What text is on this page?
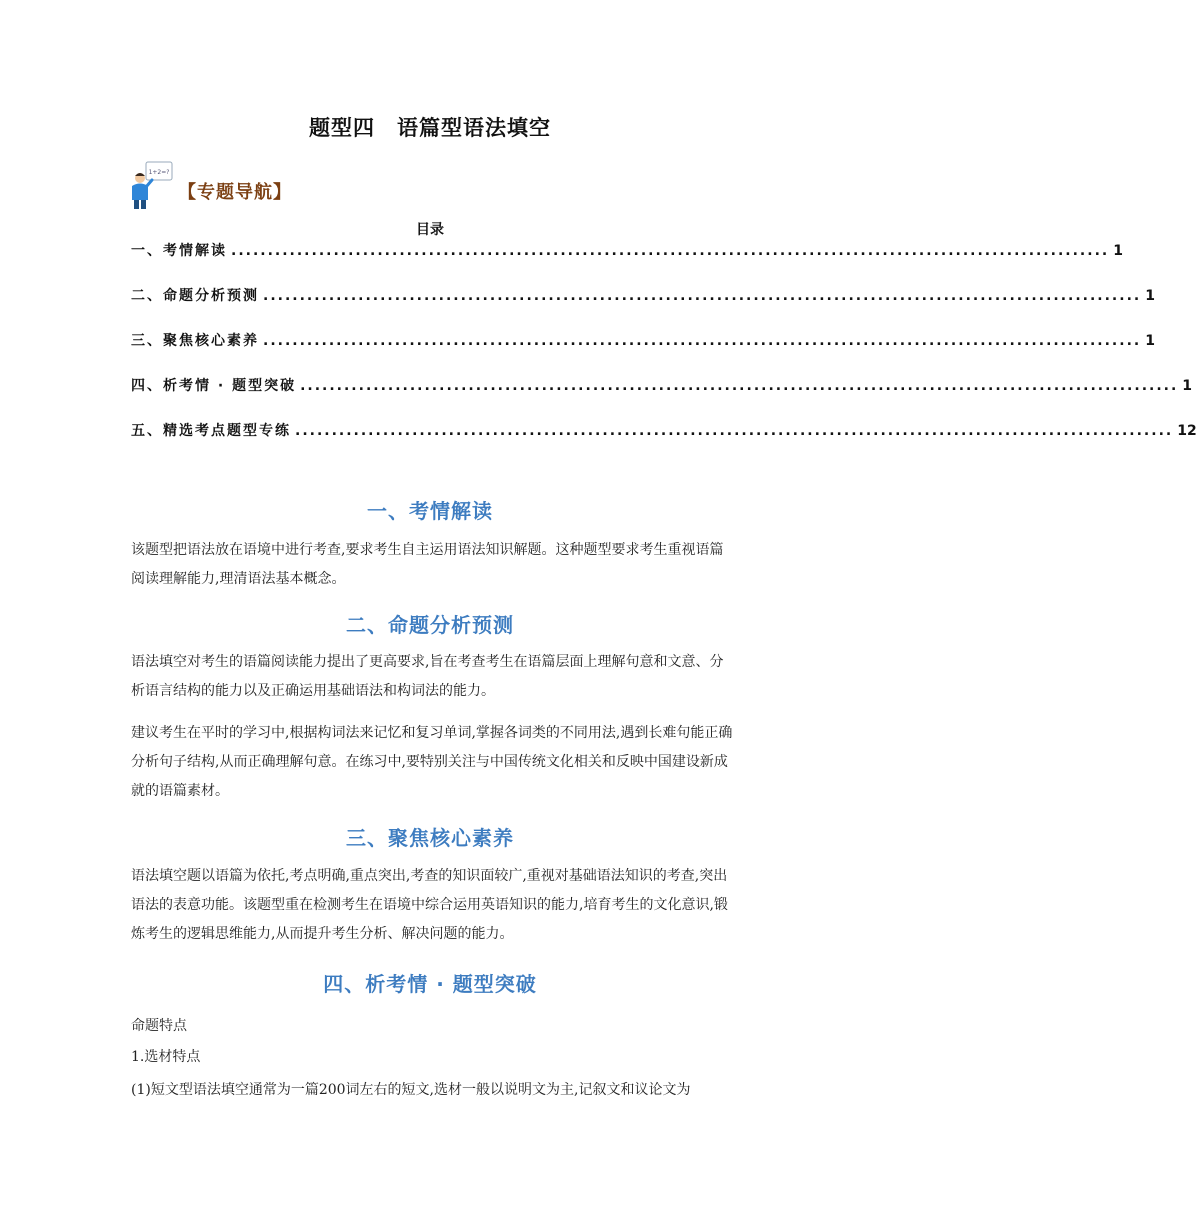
题型四　语篇型语法填空
1+2=?
【专题导航】
目录
一、考情解读 ........................................................................................................................ 1
二、命题分析预测 ........................................................................................................................ 1
三、聚焦核心素养 ........................................................................................................................ 1
四、析考情 · 题型突破 ........................................................................................................................ 1
五、精选考点题型专练 ........................................................................................................................ 12
一、考情解读

该题型把语法放在语境中进行考查,要求考生自主运用语法知识解题。这种题型要求考生重视语篇阅读理解能力,理清语法基本概念。

二、命题分析预测

语法填空对考生的语篇阅读能力提出了更高要求,旨在考查考生在语篇层面上理解句意和文意、分析语言结构的能力以及正确运用基础语法和构词法的能力。

建议考生在平时的学习中,根据构词法来记忆和复习单词,掌握各词类的不同用法,遇到长难句能正确分析句子结构,从而正确理解句意。在练习中,要特别关注与中国传统文化相关和反映中国建设新成就的语篇素材。

三、聚焦核心素养

语法填空题以语篇为依托,考点明确,重点突出,考查的知识面较广,重视对基础语法知识的考查,突出语法的表意功能。该题型重在检测考生在语境中综合运用英语知识的能力,培育考生的文化意识,锻炼考生的逻辑思维能力,从而提升考生分析、解决问题的能力。

四、析考情 · 题型突破

命题特点

1.选材特点

(1)短文型语法填空通常为一篇200词左右的短文,选材一般以说明文为主,记叙文和议论文为
